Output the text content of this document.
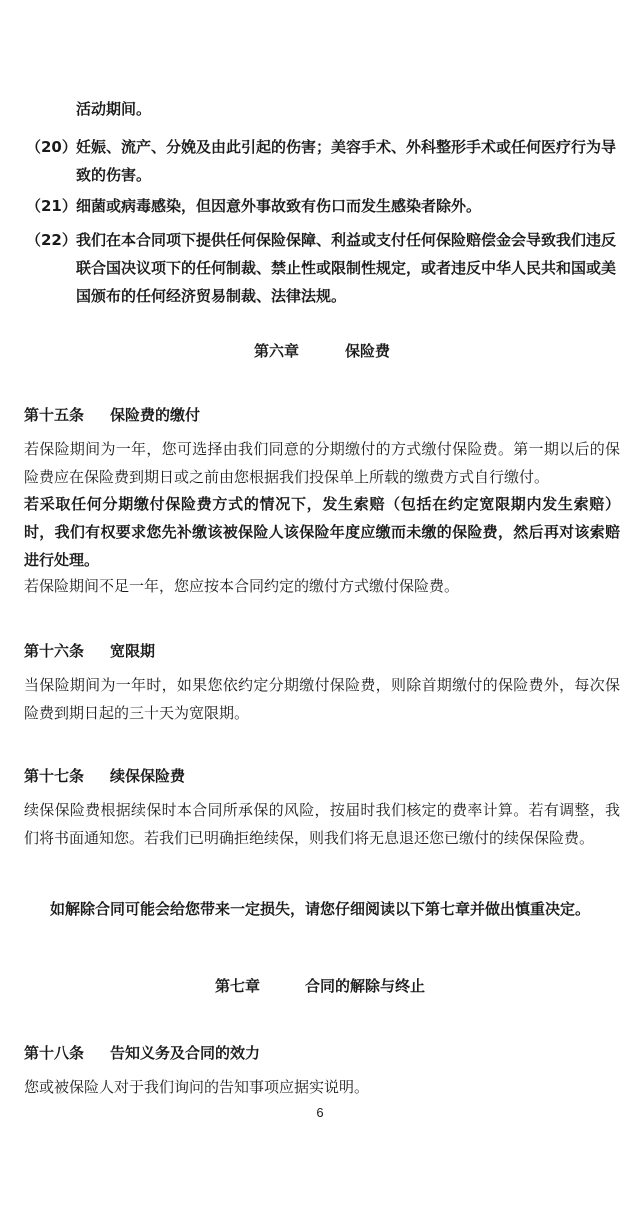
活动期间。
（20） 妊娠、流产、分娩及由此引起的伤害；美容手术、外科整形手术或任何医疗行为导致的伤害。
（21） 细菌或病毒感染，但因意外事故致有伤口而发生感染者除外。
（22） 我们在本合同项下提供任何保险保障、利益或支付任何保险赔偿金会导致我们违反联合国决议项下的任何制裁、禁止性或限制性规定，或者违反中华人民共和国或美国颁布的任何经济贸易制裁、法律法规。
第六章	保险费
第十五条 保险费的缴付
若保险期间为一年，您可选择由我们同意的分期缴付的方式缴付保险费。第一期以后的保险费应在保险费到期日或之前由您根据我们投保单上所载的缴费方式自行缴付。
若采取任何分期缴付保险费方式的情况下，发生索赔（包括在约定宽限期内发生索赔）时，我们有权要求您先补缴该被保险人该保险年度应缴而未缴的保险费，然后再对该索赔进行处理。
若保险期间不足一年，您应按本合同约定的缴付方式缴付保险费。
第十六条 宽限期
当保险期间为一年时，如果您依约定分期缴付保险费，则除首期缴付的保险费外，每次保险费到期日起的三十天为宽限期。
第十七条 续保保险费
续保保险费根据续保时本合同所承保的风险，按届时我们核定的费率计算。若有调整，我们将书面通知您。若我们已明确拒绝续保，则我们将无息退还您已缴付的续保保险费。
如解除合同可能会给您带来一定损失，请您仔细阅读以下第七章并做出慎重决定。
第七章	合同的解除与终止
第十八条 告知义务及合同的效力
您或被保险人对于我们询问的告知事项应据实说明。
6
